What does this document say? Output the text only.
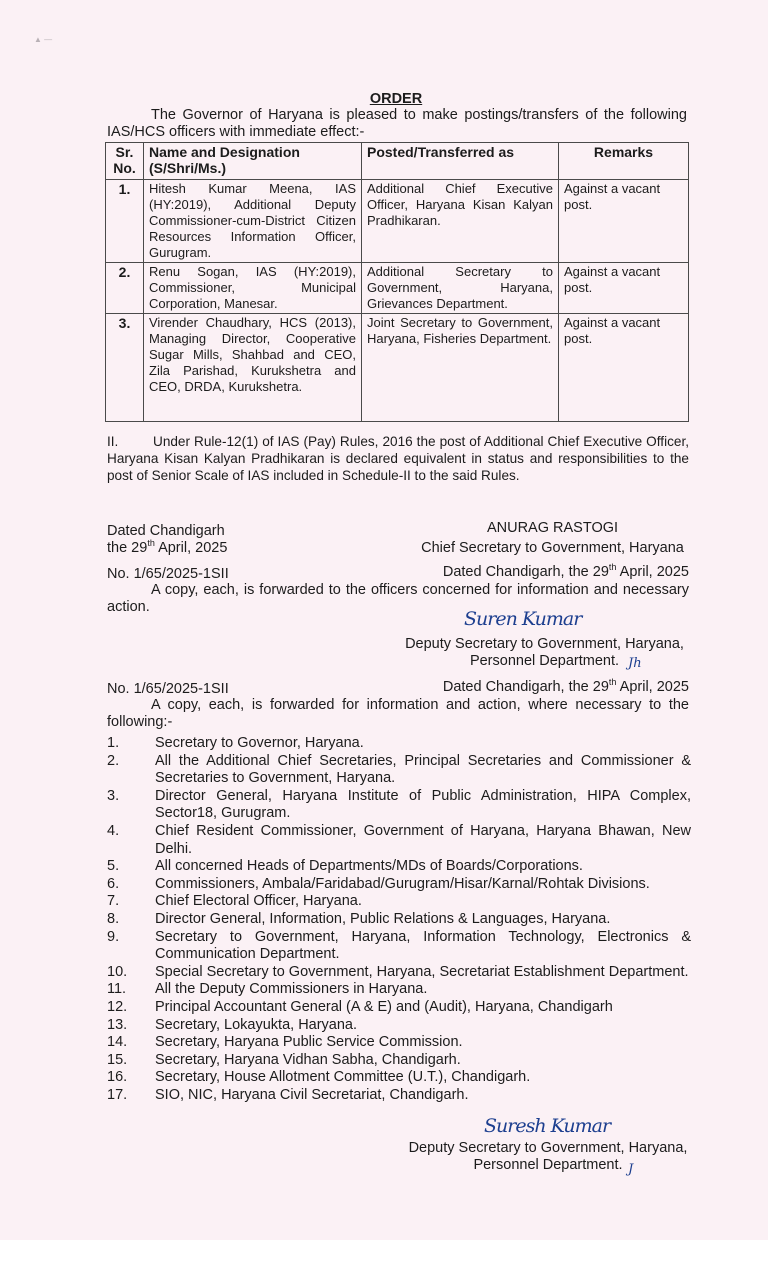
▲ ―
ORDER
The Governor of Haryana is pleased to make postings/transfers of the following IAS/HCS officers with immediate effect:-
Sr. No.	Name and Designation (S/Shri/Ms.)	Posted/Transferred as	Remarks
1.	Hitesh Kumar Meena, IAS (HY:2019), Additional Deputy Commissioner-cum-District Citizen Resources Information Officer, Gurugram.	Additional Chief Executive Officer, Haryana Kisan Kalyan Pradhikaran.	Against a vacant post.
2.	Renu Sogan, IAS (HY:2019), Commissioner, Municipal Corporation, Manesar.	Additional Secretary to Government, Haryana, Grievances Department.	Against a vacant post.
3.	Virender Chaudhary, HCS (2013), Managing Director, Cooperative Sugar Mills, Shahbad and CEO, Zila Parishad, Kurukshetra and CEO, DRDA, Kurukshetra.	Joint Secretary to Government, Haryana, Fisheries Department.	Against a vacant post.
II.	Under Rule-12(1) of IAS (Pay) Rules, 2016 the post of Additional Chief Executive Officer, Haryana Kisan Kalyan Pradhikaran is declared equivalent in status and responsibilities to the post of Senior Scale of IAS included in Schedule-II to the said Rules.
Dated Chandigarh
the 29th April, 2025
ANURAG RASTOGI
Chief Secretary to Government, Haryana
No. 1/65/2025-1SII	Dated Chandigarh, the 29th April, 2025
A copy, each, is forwarded to the officers concerned for information and necessary action.
Suren Kumar
Deputy Secretary to Government, Haryana,
Personnel Department. Jh
No. 1/65/2025-1SII	Dated Chandigarh, the 29th April, 2025
A copy, each, is forwarded for information and action, where necessary to the following:-
1.	Secretary to Governor, Haryana.
2.	All the Additional Chief Secretaries, Principal Secretaries and Commissioner & Secretaries to Government, Haryana.
3.	Director General, Haryana Institute of Public Administration, HIPA Complex, Sector18, Gurugram.
4.	Chief Resident Commissioner, Government of Haryana, Haryana Bhawan, New Delhi.
5.	All concerned Heads of Departments/MDs of Boards/Corporations.
6.	Commissioners, Ambala/Faridabad/Gurugram/Hisar/Karnal/Rohtak Divisions.
7.	Chief Electoral Officer, Haryana.
8.	Director General, Information, Public Relations & Languages, Haryana.
9.	Secretary to Government, Haryana, Information Technology, Electronics & Communication Department.
10.	Special Secretary to Government, Haryana, Secretariat Establishment Department.
11.	All the Deputy Commissioners in Haryana.
12.	Principal Accountant General (A & E) and (Audit), Haryana, Chandigarh
13.	Secretary, Lokayukta, Haryana.
14.	Secretary, Haryana Public Service Commission.
15.	Secretary, Haryana Vidhan Sabha, Chandigarh.
16.	Secretary, House Allotment Committee (U.T.), Chandigarh.
17.	SIO, NIC, Haryana Civil Secretariat, Chandigarh.
Suresh Kumar
Deputy Secretary to Government, Haryana,
Personnel Department. J
